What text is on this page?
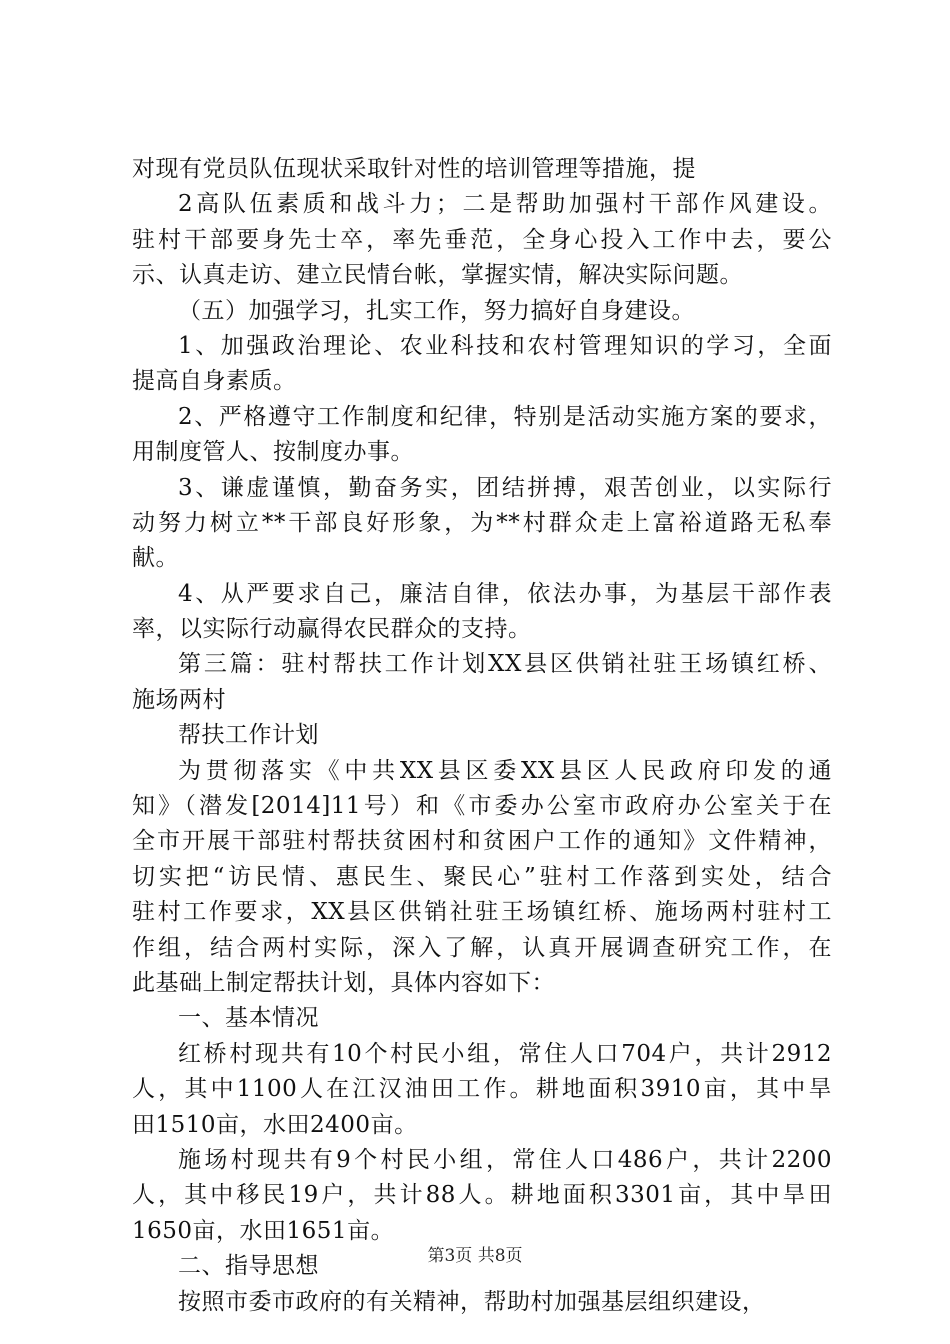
对现有党员队伍现状采取针对性的培训管理等措施，提
2高队伍素质和战斗力；二是帮助加强村干部作风建设。
驻村干部要身先士卒，率先垂范，全身心投入工作中去，要公
示、认真走访、建立民情台帐，掌握实情，解决实际问题。
（五）加强学习，扎实工作，努力搞好自身建设。
1、加强政治理论、农业科技和农村管理知识的学习，全面
提高自身素质。
2、严格遵守工作制度和纪律，特别是活动实施方案的要求，
用制度管人、按制度办事。
3、谦虚谨慎，勤奋务实，团结拼搏，艰苦创业，以实际行
动努力树立**干部良好形象，为**村群众走上富裕道路无私奉
献。
4、从严要求自己，廉洁自律，依法办事，为基层干部作表
率，以实际行动赢得农民群众的支持。
第三篇：驻村帮扶工作计划XX县区供销社驻王场镇红桥、
施场两村
帮扶工作计划
为贯彻落实《中共XX县区委XX县区人民政府印发的通
知》（潜发[2014]11号）和《市委办公室市政府办公室关于在
全市开展干部驻村帮扶贫困村和贫困户工作的通知》文件精神，
切实把“访民情、惠民生、聚民心”驻村工作落到实处，结合
驻村工作要求，XX县区供销社驻王场镇红桥、施场两村驻村工
作组，结合两村实际，深入了解，认真开展调查研究工作，在
此基础上制定帮扶计划，具体内容如下：
一、基本情况
红桥村现共有10个村民小组，常住人口704户，共计2912
人，其中1100人在江汉油田工作。耕地面积3910亩，其中旱
田1510亩，水田2400亩。
施场村现共有9个村民小组，常住人口486户，共计2200
人，其中移民19户，共计88人。耕地面积3301亩，其中旱田
1650亩，水田1651亩。
二、指导思想
按照市委市政府的有关精神，帮助村加强基层组织建设，
第3页 共8页
